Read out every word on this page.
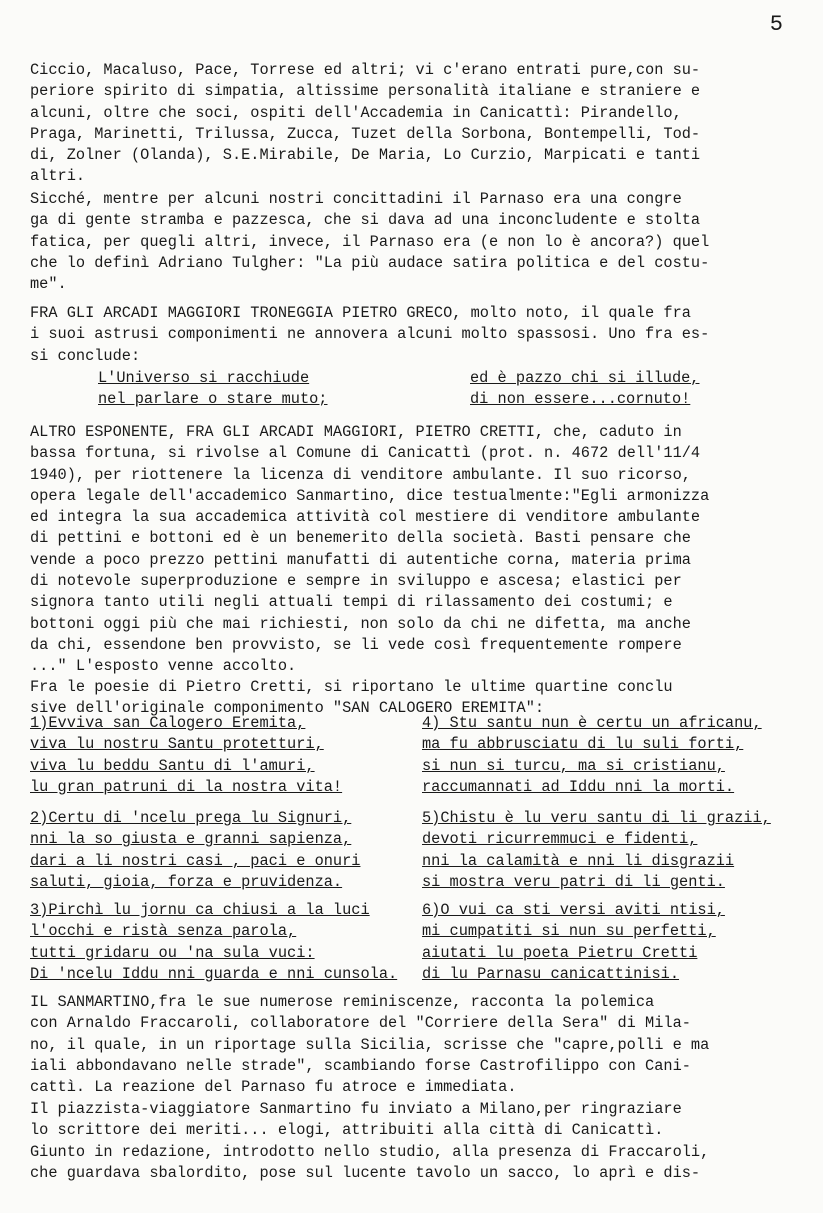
5
Ciccio, Macaluso, Pace, Torrese ed altri; vi c'erano entrati pure,con su-
periore spirito di simpatia, altissime personalità italiane e straniere e
alcuni, oltre che soci, ospiti dell'Accademia in Canicattì: Pirandello,
Praga, Marinetti, Trilussa, Zucca, Tuzet della Sorbona, Bontempelli, Tod-
di, Zolner (Olanda), S.E.Mirabile, De Maria, Lo Curzio, Marpicati e tanti
altri.
Sicché, mentre per alcuni nostri concittadini il Parnaso era una congre
ga di gente stramba e pazzesca, che si dava ad una inconcludente e stolta
fatica, per quegli altri, invece, il Parnaso era (e non lo è ancora?) quel
che lo definì Adriano Tulgher: "La più audace satira politica e del costu-
me".
FRA GLI ARCADI MAGGIORI TRONEGGIA PIETRO GRECO, molto noto, il quale fra
i suoi astrusi componimenti ne annovera alcuni molto spassosi. Uno fra es-
si conclude:
L'Universo si racchiude
nel parlare o stare muto;
ed è pazzo chi si illude,
di non essere...cornuto!
ALTRO ESPONENTE, FRA GLI ARCADI MAGGIORI, PIETRO CRETTI, che, caduto in
bassa fortuna, si rivolse al Comune di Canicattì (prot. n. 4672 dell'11/4
1940), per riottenere la licenza di venditore ambulante. Il suo ricorso,
opera legale dell'accademico Sanmartino, dice testualmente:"Egli armonizza
ed integra la sua accademica attività col mestiere di venditore ambulante
di pettini e bottoni ed è un benemerito della società. Basti pensare che
vende a poco prezzo pettini manufatti di autentiche corna, materia prima
di notevole superproduzione e sempre in sviluppo e ascesa; elastici per
signora tanto utili negli attuali tempi di rilassamento dei costumi; e
bottoni oggi più che mai richiesti, non solo da chi ne difetta, ma anche
da chi, essendone ben provvisto, se li vede così frequentemente rompere
..." L'esposto venne accolto.
Fra le poesie di Pietro Cretti, si riportano le ultime quartine conclu
sive dell'originale componimento "SAN CALOGERO EREMITA":
1)Evviva san Calogero Eremita,
viva lu nostru Santu protetturi,
viva lu beddu Santu di l'amuri,
lu gran patruni di la nostra vita!
4) Stu santu nun è certu un africanu,
ma fu abbrusciatu di lu suli forti,
si nun si turcu, ma si cristianu,
raccumannati ad Iddu nni la morti.
2)Certu di 'ncelu prega lu Signuri,
nni la so giusta e granni sapienza,
dari a li nostri casi , paci e onuri
saluti, gioia, forza e pruvidenza.
5)Chistu è lu veru santu di li grazii,
devoti ricurremmuci e fidenti,
nni la calamità e nni li disgrazii
si mostra veru patri di li genti.
3)Pirchì lu jornu ca chiusi a la luci
l'occhi e ristà senza parola,
tutti gridaru ou 'na sula vuci:
Di 'ncelu Iddu nni guarda e nni cunsola.
6)O vui ca sti versi aviti ntisi,
mi cumpatiti si nun su perfetti,
aiutati lu poeta Pietru Cretti
di lu Parnasu canicattinisi.
IL SANMARTINO,fra le sue numerose reminiscenze, racconta la polemica
con Arnaldo Fraccaroli, collaboratore del "Corriere della Sera" di Mila-
no, il quale, in un riportage sulla Sicilia, scrisse che "capre,polli e ma
iali abbondavano nelle strade", scambiando forse Castrofilippo con Cani-
cattì. La reazione del Parnaso fu atroce e immediata.
Il piazzista-viaggiatore Sanmartino fu inviato a Milano,per ringraziare
lo scrittore dei meriti... elogi, attribuiti alla città di Canicattì.
Giunto in redazione, introdotto nello studio, alla presenza di Fraccaroli,
che guardava sbalordito, pose sul lucente tavolo un sacco, lo aprì e dis-
